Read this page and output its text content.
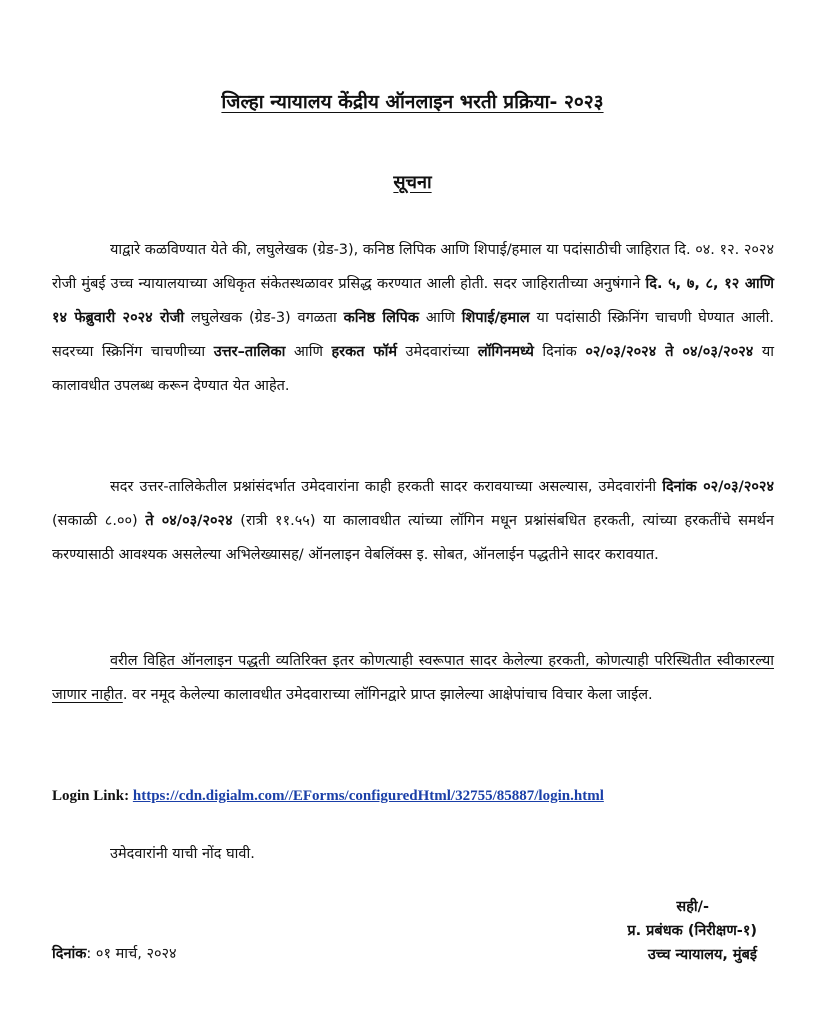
जिल्हा न्यायालय केंद्रीय ऑनलाइन भरती प्रक्रिया- २०२३
सूचना

याद्वारे कळविण्यात येते की, लघुलेखक (ग्रेड-3), कनिष्ठ लिपिक आणि शिपाई/हमाल या पदांसाठीची जाहिरात दि. ०४. १२. २०२४ रोजी मुंबई उच्च न्यायालयाच्या अधिकृत संकेतस्थळावर प्रसिद्ध करण्यात आली होती. सदर जाहिरातीच्या अनुषंगाने दि. ५, ७, ८, १२ आणि १४ फेब्रुवारी २०२४ रोजी लघुलेखक (ग्रेड-3) वगळता कनिष्ठ लिपिक आणि शिपाई/हमाल या पदांसाठी स्क्रिनिंग चाचणी घेण्यात आली. सदरच्या स्क्रिनिंग चाचणीच्या उत्तर–तालिका आणि हरकत फॉर्म उमेदवारांच्या लॉगिनमध्ये दिनांक ०२/०३/२०२४ ते ०४/०३/२०२४ या कालावधीत उपलब्ध करून देण्यात येत आहेत.

सदर उत्तर-तालिकेतील प्रश्नांसंदर्भात उमेदवारांना काही हरकती सादर करावयाच्या असल्यास, उमेदवारांनी दिनांक ०२/०३/२०२४ (सकाळी ८.००) ते ०४/०३/२०२४ (रात्री ११.५५) या कालावधीत त्यांच्या लॉगिन मधून प्रश्नांसंबधित हरकती, त्यांच्या हरकतींचे समर्थन करण्यासाठी आवश्यक असलेल्या अभिलेख्यासह/ ऑनलाइन वेबलिंक्स इ. सोबत, ऑनलाईन पद्धतीने सादर करावयात.

वरील विहित ऑनलाइन पद्धती व्यतिरिक्त इतर कोणत्याही स्वरूपात सादर केलेल्या हरकती, कोणत्याही परिस्थितीत स्वीकारल्या जाणार नाहीत. वर नमूद केलेल्या कालावधीत उमेदवाराच्या लॉगिनद्वारे प्राप्त झालेल्या आक्षेपांचाच विचार केला जाईल.

Login Link: https://cdn.digialm.com//EForms/configuredHtml/32755/85887/login.html
उमेदवारांनी याची नोंद घावी.
दिनांक: ०१ मार्च, २०२४
सही/-
प्र. प्रबंधक (निरीक्षण-१)
उच्च न्यायालय, मुंबई
